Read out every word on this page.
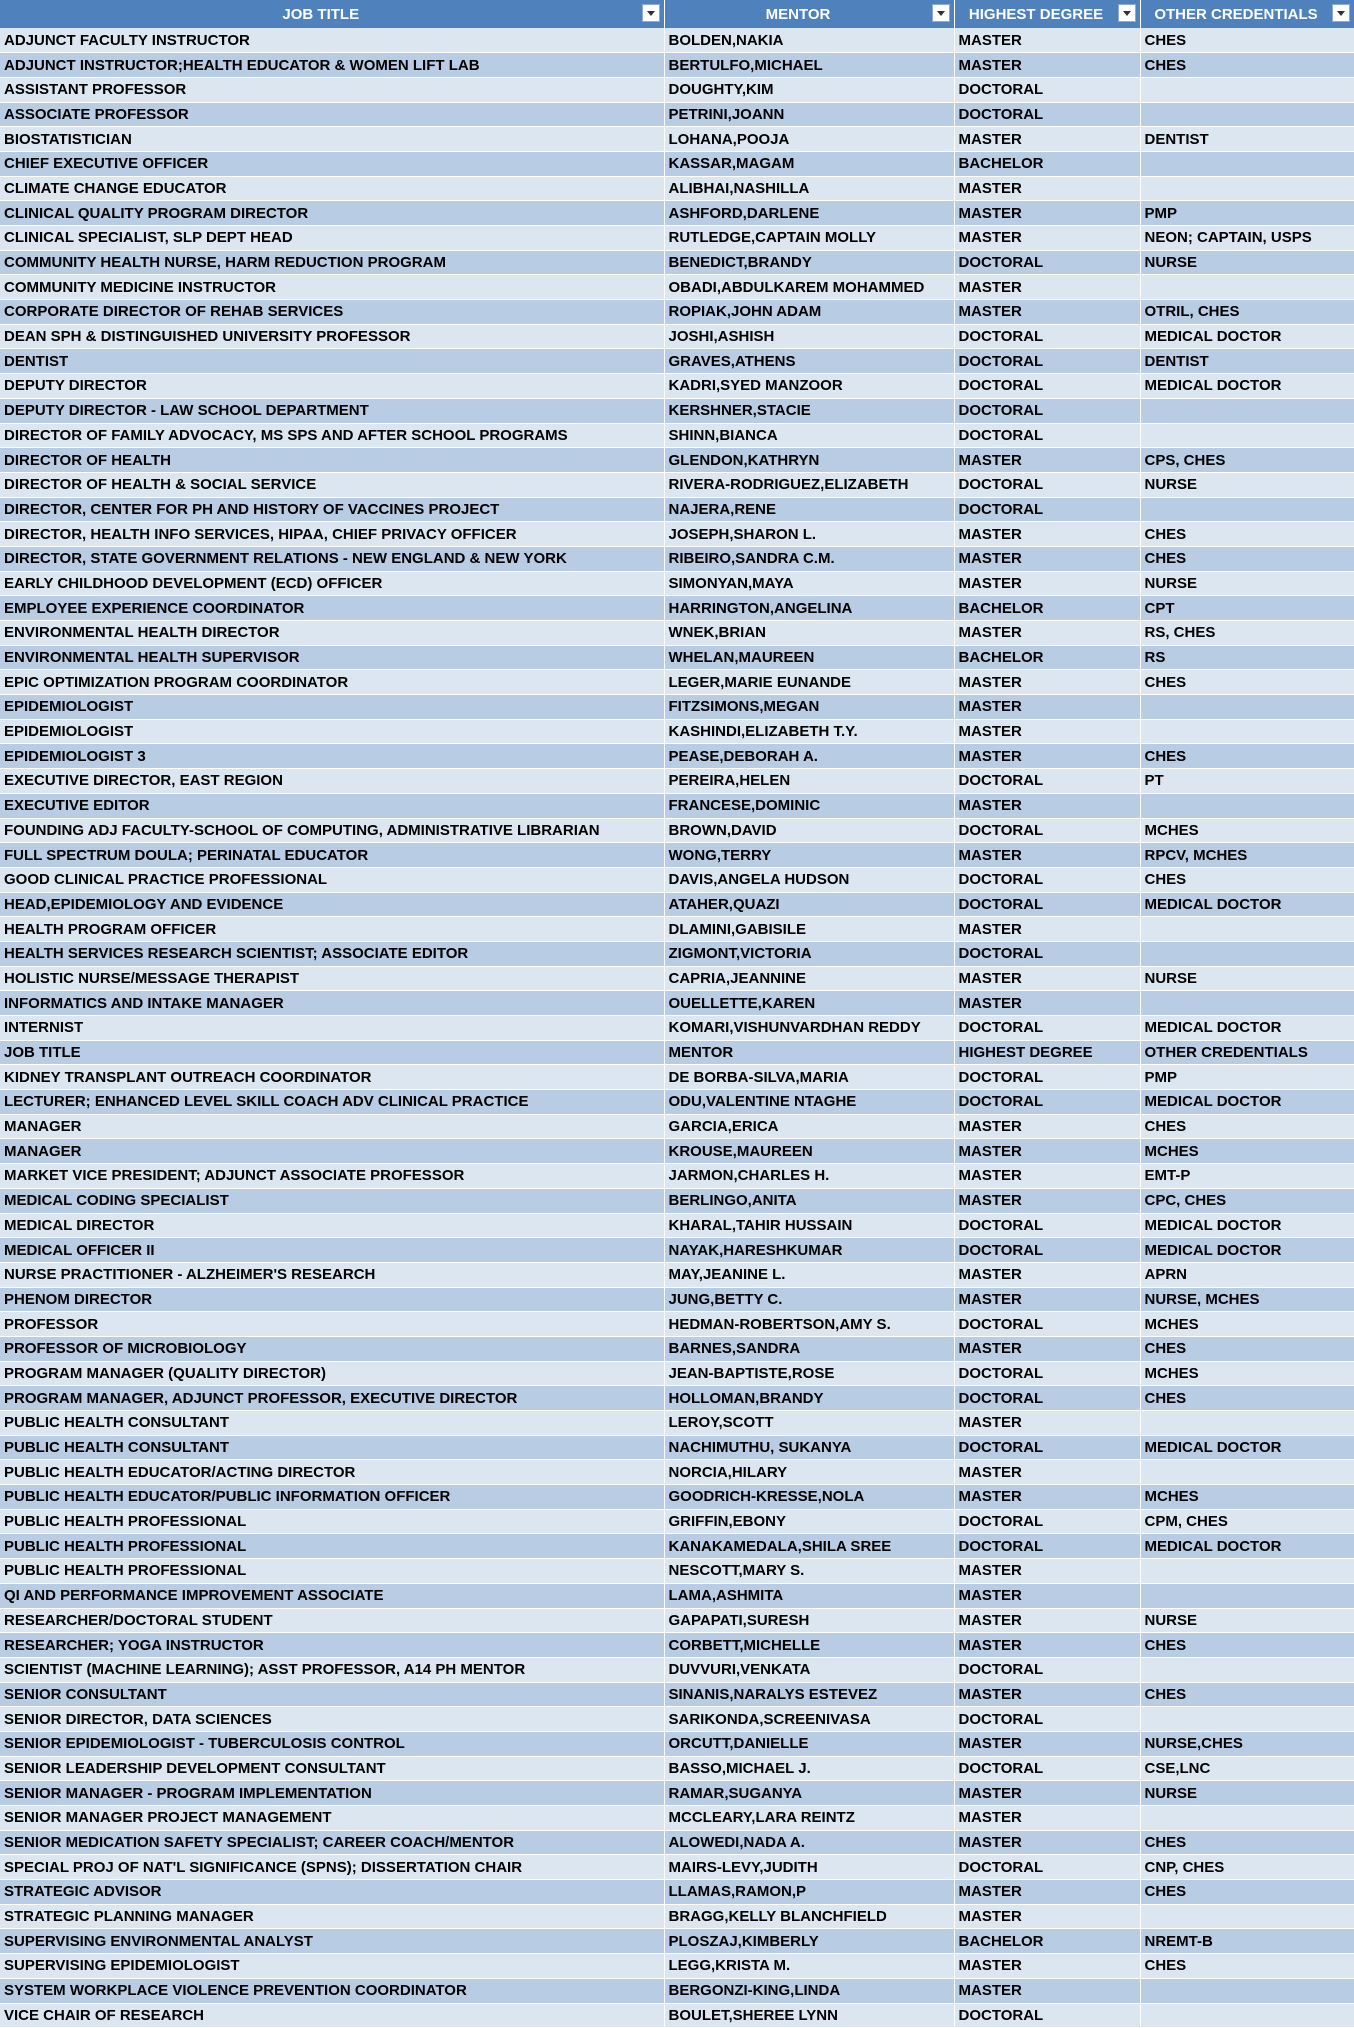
JOB TITLE	MENTOR	HIGHEST DEGREE	OTHER CREDENTIALS

ADJUNCT FACULTY INSTRUCTOR	BOLDEN,NAKIA	MASTER	CHES
ADJUNCT INSTRUCTOR;HEALTH EDUCATOR & WOMEN LIFT LAB	BERTULFO,MICHAEL	MASTER	CHES
ASSISTANT PROFESSOR	DOUGHTY,KIM	DOCTORAL	
ASSOCIATE PROFESSOR	PETRINI,JOANN	DOCTORAL	
BIOSTATISTICIAN	LOHANA,POOJA	MASTER	DENTIST
CHIEF EXECUTIVE OFFICER	KASSAR,MAGAM	BACHELOR	
CLIMATE CHANGE EDUCATOR	ALIBHAI,NASHILLA	MASTER	
CLINICAL QUALITY PROGRAM DIRECTOR	ASHFORD,DARLENE	MASTER	PMP
CLINICAL SPECIALIST, SLP DEPT HEAD	RUTLEDGE,CAPTAIN MOLLY	MASTER	NEON; CAPTAIN, USPS
COMMUNITY HEALTH NURSE, HARM REDUCTION PROGRAM	BENEDICT,BRANDY	DOCTORAL	NURSE
COMMUNITY MEDICINE INSTRUCTOR	OBADI,ABDULKAREM MOHAMMED	MASTER	
CORPORATE DIRECTOR OF REHAB SERVICES	ROPIAK,JOHN ADAM	MASTER	OTRIL, CHES
DEAN SPH & DISTINGUISHED UNIVERSITY PROFESSOR	JOSHI,ASHISH	DOCTORAL	MEDICAL DOCTOR
DENTIST	GRAVES,ATHENS	DOCTORAL	DENTIST
DEPUTY DIRECTOR	KADRI,SYED MANZOOR	DOCTORAL	MEDICAL DOCTOR
DEPUTY DIRECTOR - LAW SCHOOL DEPARTMENT	KERSHNER,STACIE	DOCTORAL	
DIRECTOR OF FAMILY ADVOCACY, MS SPS AND AFTER SCHOOL PROGRAMS	SHINN,BIANCA	DOCTORAL	
DIRECTOR OF HEALTH	GLENDON,KATHRYN	MASTER	CPS, CHES
DIRECTOR OF HEALTH & SOCIAL SERVICE	RIVERA-RODRIGUEZ,ELIZABETH	DOCTORAL	NURSE
DIRECTOR, CENTER FOR PH AND HISTORY OF VACCINES PROJECT	NAJERA,RENE	DOCTORAL	
DIRECTOR, HEALTH INFO SERVICES, HIPAA, CHIEF PRIVACY OFFICER	JOSEPH,SHARON L.	MASTER	CHES
DIRECTOR, STATE GOVERNMENT RELATIONS - NEW ENGLAND & NEW YORK	RIBEIRO,SANDRA C.M.	MASTER	CHES
EARLY CHILDHOOD DEVELOPMENT (ECD) OFFICER	SIMONYAN,MAYA	MASTER	NURSE
EMPLOYEE EXPERIENCE COORDINATOR	HARRINGTON,ANGELINA	BACHELOR	CPT
ENVIRONMENTAL HEALTH DIRECTOR	WNEK,BRIAN	MASTER	RS, CHES
ENVIRONMENTAL HEALTH SUPERVISOR	WHELAN,MAUREEN	BACHELOR	RS
EPIC OPTIMIZATION PROGRAM COORDINATOR	LEGER,MARIE EUNANDE	MASTER	CHES
EPIDEMIOLOGIST	FITZSIMONS,MEGAN	MASTER	
EPIDEMIOLOGIST	KASHINDI,ELIZABETH T.Y.	MASTER	
EPIDEMIOLOGIST 3	PEASE,DEBORAH A.	MASTER	CHES
EXECUTIVE DIRECTOR, EAST REGION	PEREIRA,HELEN	DOCTORAL	PT
EXECUTIVE EDITOR	FRANCESE,DOMINIC	MASTER	
FOUNDING ADJ FACULTY-SCHOOL OF COMPUTING, ADMINISTRATIVE LIBRARIAN	BROWN,DAVID	DOCTORAL	MCHES
FULL SPECTRUM DOULA; PERINATAL EDUCATOR	WONG,TERRY	MASTER	RPCV, MCHES
GOOD CLINICAL PRACTICE PROFESSIONAL	DAVIS,ANGELA HUDSON	DOCTORAL	CHES
HEAD,EPIDEMIOLOGY AND EVIDENCE	ATAHER,QUAZI	DOCTORAL	MEDICAL DOCTOR
HEALTH PROGRAM OFFICER	DLAMINI,GABISILE	MASTER	
HEALTH SERVICES RESEARCH SCIENTIST; ASSOCIATE EDITOR	ZIGMONT,VICTORIA	DOCTORAL	
HOLISTIC NURSE/MESSAGE THERAPIST	CAPRIA,JEANNINE	MASTER	NURSE
INFORMATICS AND INTAKE MANAGER	OUELLETTE,KAREN	MASTER	
INTERNIST	KOMARI,VISHUNVARDHAN REDDY	DOCTORAL	MEDICAL DOCTOR
JOB TITLE	MENTOR	HIGHEST DEGREE	OTHER CREDENTIALS
KIDNEY TRANSPLANT OUTREACH COORDINATOR	DE BORBA-SILVA,MARIA	DOCTORAL	PMP
LECTURER; ENHANCED LEVEL SKILL COACH ADV CLINICAL PRACTICE	ODU,VALENTINE NTAGHE	DOCTORAL	MEDICAL DOCTOR
MANAGER	GARCIA,ERICA	MASTER	CHES
MANAGER	KROUSE,MAUREEN	MASTER	MCHES
MARKET VICE PRESIDENT; ADJUNCT ASSOCIATE PROFESSOR	JARMON,CHARLES H.	MASTER	EMT-P
MEDICAL CODING SPECIALIST	BERLINGO,ANITA	MASTER	CPC, CHES
MEDICAL DIRECTOR	KHARAL,TAHIR HUSSAIN	DOCTORAL	MEDICAL DOCTOR
MEDICAL OFFICER II	NAYAK,HARESHKUMAR	DOCTORAL	MEDICAL DOCTOR
NURSE PRACTITIONER - ALZHEIMER'S RESEARCH	MAY,JEANINE L.	MASTER	APRN
PHENOM DIRECTOR	JUNG,BETTY C.	MASTER	NURSE, MCHES
PROFESSOR	HEDMAN-ROBERTSON,AMY S.	DOCTORAL	MCHES
PROFESSOR OF MICROBIOLOGY	BARNES,SANDRA	MASTER	CHES
PROGRAM MANAGER (QUALITY DIRECTOR)	JEAN-BAPTISTE,ROSE	DOCTORAL	MCHES
PROGRAM MANAGER, ADJUNCT PROFESSOR, EXECUTIVE DIRECTOR	HOLLOMAN,BRANDY	DOCTORAL	CHES
PUBLIC HEALTH CONSULTANT	LEROY,SCOTT	MASTER	
PUBLIC HEALTH CONSULTANT	NACHIMUTHU, SUKANYA	DOCTORAL	MEDICAL DOCTOR
PUBLIC HEALTH EDUCATOR/ACTING DIRECTOR	NORCIA,HILARY	MASTER	
PUBLIC HEALTH EDUCATOR/PUBLIC INFORMATION OFFICER	GOODRICH-KRESSE,NOLA	MASTER	MCHES
PUBLIC HEALTH PROFESSIONAL	GRIFFIN,EBONY	DOCTORAL	CPM, CHES
PUBLIC HEALTH PROFESSIONAL	KANAKAMEDALA,SHILA SREE	DOCTORAL	MEDICAL DOCTOR
PUBLIC HEALTH PROFESSIONAL	NESCOTT,MARY S.	MASTER	
QI AND PERFORMANCE IMPROVEMENT ASSOCIATE	LAMA,ASHMITA	MASTER	
RESEARCHER/DOCTORAL STUDENT	GAPAPATI,SURESH	MASTER	NURSE
RESEARCHER; YOGA INSTRUCTOR	CORBETT,MICHELLE	MASTER	CHES
SCIENTIST (MACHINE LEARNING); ASST PROFESSOR, A14 PH MENTOR	DUVVURI,VENKATA	DOCTORAL	
SENIOR CONSULTANT	SINANIS,NARALYS ESTEVEZ	MASTER	CHES
SENIOR DIRECTOR, DATA SCIENCES	SARIKONDA,SCREENIVASA	DOCTORAL	
SENIOR EPIDEMIOLOGIST - TUBERCULOSIS CONTROL	ORCUTT,DANIELLE	MASTER	NURSE,CHES
SENIOR LEADERSHIP DEVELOPMENT CONSULTANT	BASSO,MICHAEL J.	DOCTORAL	CSE,LNC
SENIOR MANAGER - PROGRAM IMPLEMENTATION	RAMAR,SUGANYA	MASTER	NURSE
SENIOR MANAGER PROJECT MANAGEMENT	MCCLEARY,LARA REINTZ	MASTER	
SENIOR MEDICATION SAFETY SPECIALIST; CAREER COACH/MENTOR	ALOWEDI,NADA A.	MASTER	CHES
SPECIAL PROJ OF NAT'L SIGNIFICANCE (SPNS); DISSERTATION CHAIR	MAIRS-LEVY,JUDITH	DOCTORAL	CNP, CHES
STRATEGIC ADVISOR	LLAMAS,RAMON,P	MASTER	CHES
STRATEGIC PLANNING MANAGER	BRAGG,KELLY BLANCHFIELD	MASTER	
SUPERVISING ENVIRONMENTAL ANALYST	PLOSZAJ,KIMBERLY	BACHELOR	NREMT-B
SUPERVISING EPIDEMIOLOGIST	LEGG,KRISTA M.	MASTER	CHES
SYSTEM WORKPLACE VIOLENCE PREVENTION COORDINATOR	BERGONZI-KING,LINDA	MASTER	
VICE CHAIR OF RESEARCH	BOULET,SHEREE LYNN	DOCTORAL	
